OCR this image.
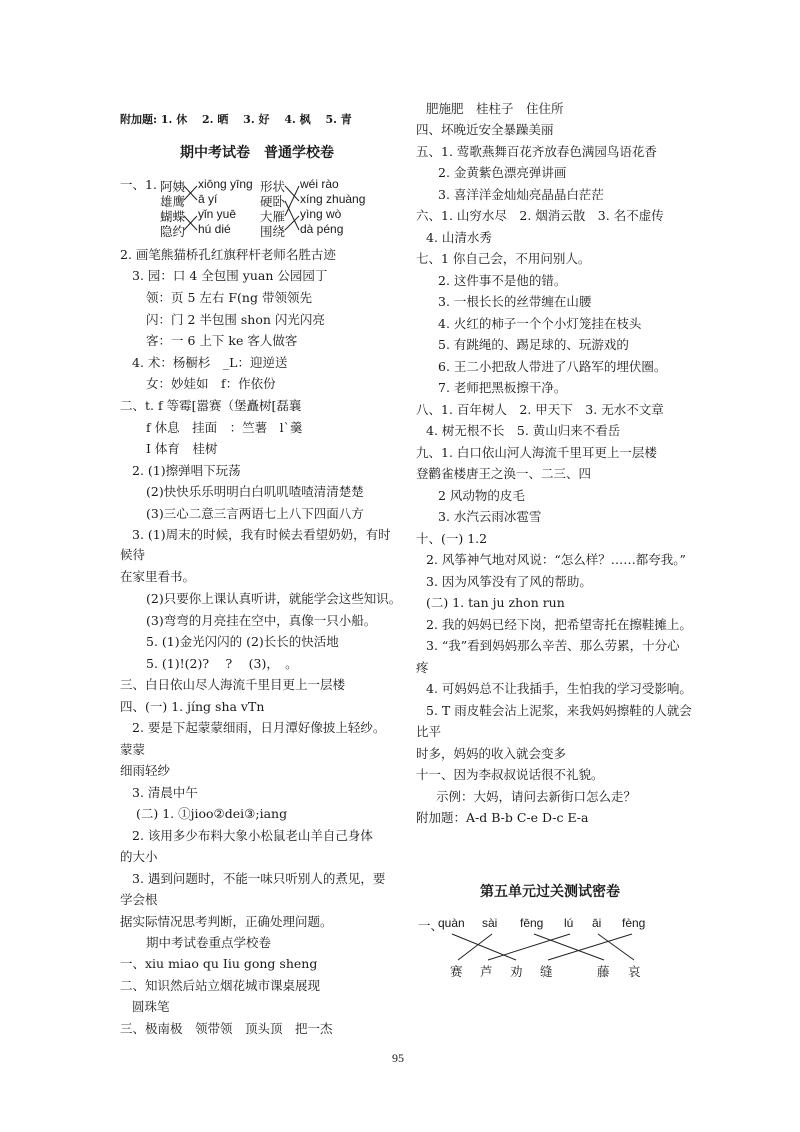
附加题: 1. 休　 2. 晒　 3. 好　 4. 枫　 5. 青
期中考试卷　普通学校卷
一、1. 阿姨
雄鹰
蝴蝶
隐约
xiōng yīng
ā yí
yǐn yuē
hú dié
形状
硬卧
大雁
围绕
wéi rào
xíng zhuàng
yìng wò
dà péng
2. 画笔熊猫桥孔红旗秤杆老师名胜古迹
3. 园：口 4 全包围 yuan 公园园丁
领：页 5 左右 F(ng 带领领先
闪：门 2 半包围 shon 闪光闪亮
客：一 6 上下 ke 客人做客
4. 术：杨橱杉　_L：迎逆送
女：妙娃如　f：作依份
二、t. f 等霉[嚣赛（堡矗树[磊襄
f 休息　挂面　：竺薯　l`羹
I 体育　桂树
2. (1)擦弹唱下玩荡
(2)快快乐乐明明白白叽叽喳喳清清楚楚
(3)三心二意三言两语七上八下四面八方
3. (1)周末的时候，我有时候去看望奶奶，有时
候待
在家里看书。
(2)只要你上课认真听讲，就能学会这些知识。
(3)弯弯的月亮挂在空中，真像一只小船。
5. (1)金光闪闪的 (2)长长的快活地
5. (1)!(2)?　 ?　 (3)，　。
三、白日依山尽人海流千里目更上一层楼
四、(一) 1. jíng sha vTn
2. 要是下起蒙蒙细雨，日月潭好像披上轻纱。
蒙蒙
细雨轻纱
3. 清晨中午
(二) 1. ①jioo②dei③;iang
2. 该用多少布料大象小松鼠老山羊自己身体
的大小
3. 遇到问题时，不能一味只听别人的煮见，要
学会根
据实际情况思考判断，正确处理问题。
期中考试卷重点学校卷
一、xiu miao qu Iiu gong sheng
二、知识然后站立烟花城市课桌展现
圆珠笔
三、极南极　领带领　顶头顶　把一杰
肥施肥　桂柱子　住住所
四、坏晚近安全暴躁美丽
五、1. 莺歌燕舞百花齐放春色满园鸟语花香
2. 金黄紫色漂亮弹讲画
3. 喜洋洋金灿灿亮晶晶白茫茫
六、1. 山穷水尽　2. 烟消云散　3. 名不虚传
4. 山清水秀
七、1 你自己会，不用问别人。
2. 这件事不是他的错。
3. 一根长长的丝带缠在山腰
4. 火红的柿子一个个小灯笼挂在枝头
5. 有跳绳的、踢足球的、玩游戏的
6. 王二小把敌人带进了八路军的埋伏圈。
7. 老师把黑板擦干净。
八、1. 百年树人　2. 甲天下　3. 无水不文章
4. 树无根不长　5. 黄山归来不看岳
九、1. 白口依山河人海流千里耳更上一层楼
登鹳雀楼唐王之涣一、二三、四
2 风动物的皮毛
3. 水汽云雨冰雹雪
十、(一) 1.2
2. 风筝神气地对风说：“怎么样？……都夸我。”
3. 因为风筝没有了风的帮助。
(二) 1. tan ju zhon run
2. 我的妈妈已经下岗，把希望寄托在擦鞋摊上。
3. “我”看到妈妈那么辛苦、那么劳累，十分心
疼
4. 可妈妈总不让我插手，生怕我的学习受影响。
5. T 雨皮鞋会沾上泥浆，来我妈妈擦鞋的人就会
比平
时多，妈妈的收入就会变多
十一、因为李叔叔说话很不礼貌。
示例：大妈，请问去新街口怎么走？
附加题：A-d B-b C-e D-c E-a
第五单元过关测试密卷
一、
quàn sài fēng lú āi fèng
赛 芦 劝 缝	藤 哀
95
